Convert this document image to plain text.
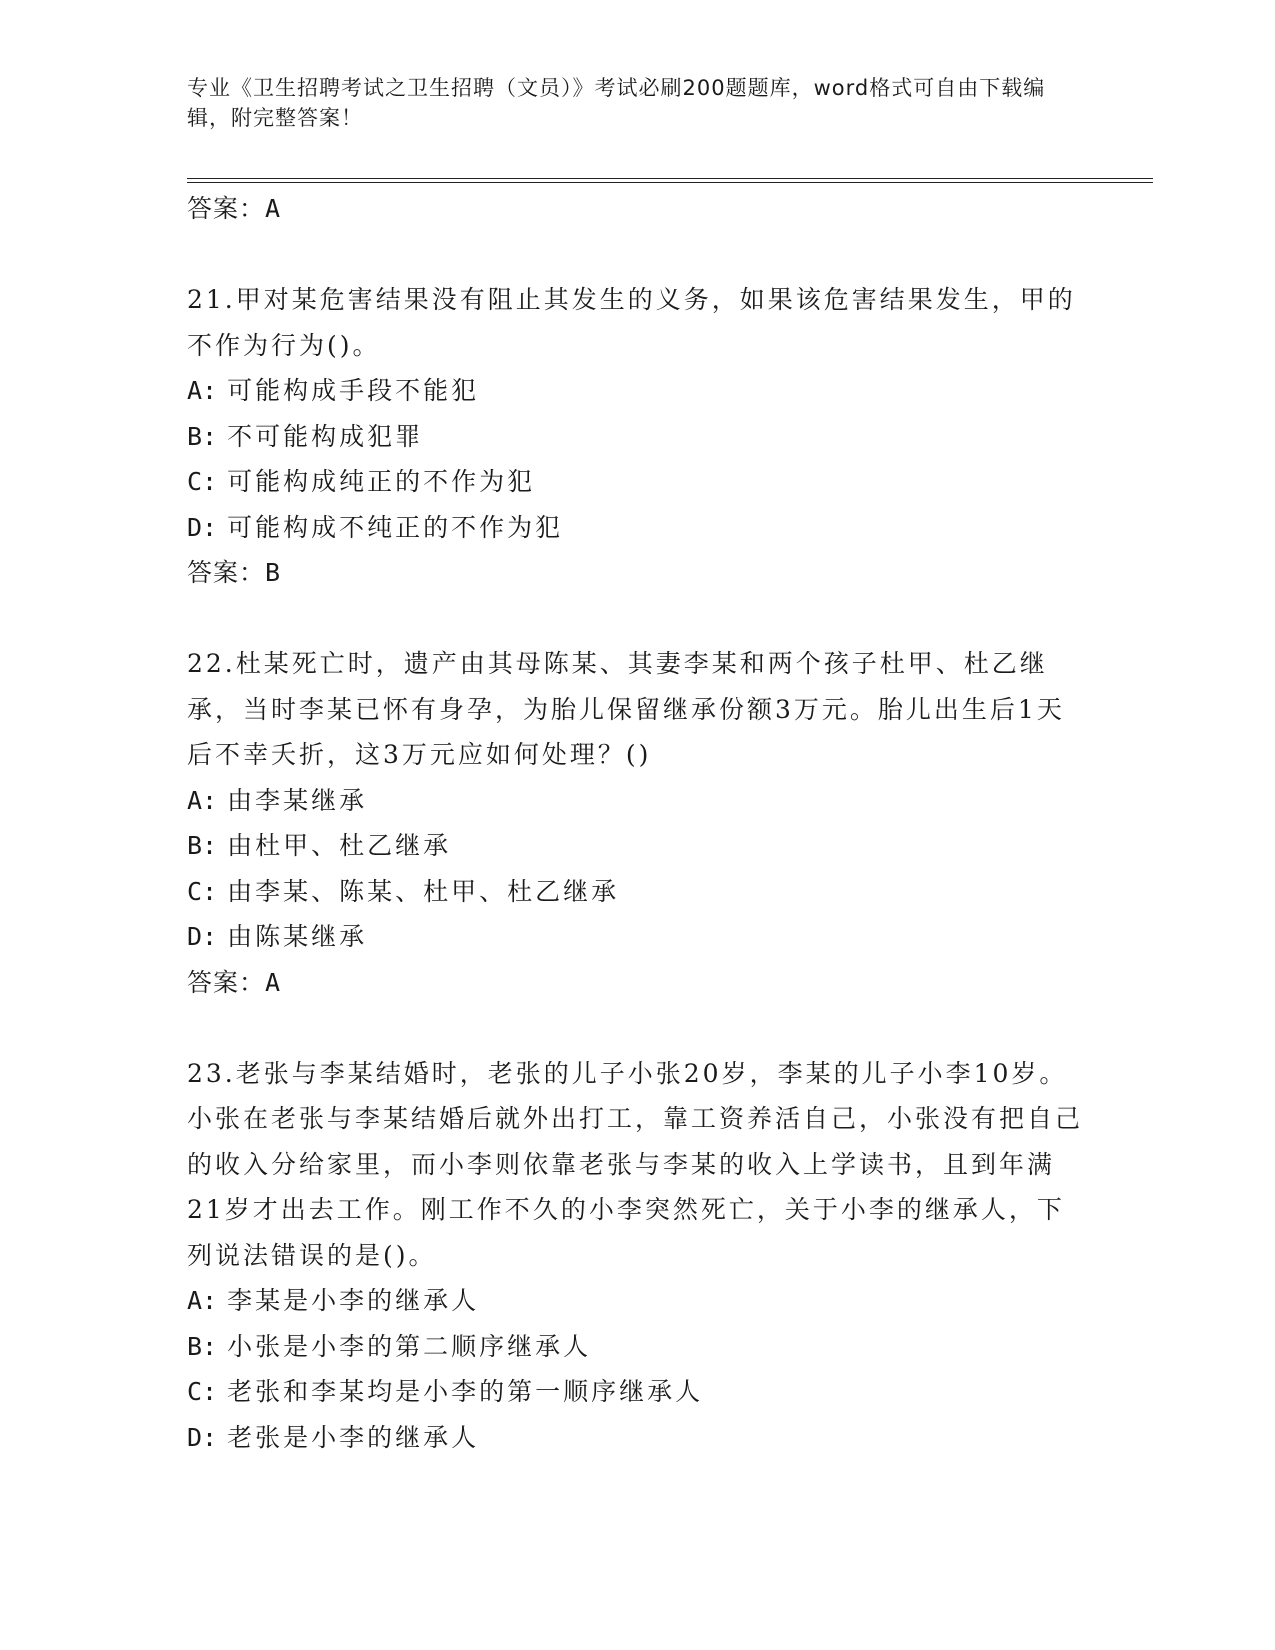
专业《卫生招聘考试之卫生招聘（文员）》考试必刷200题题库，word格式可自由下载编辑，附完整答案！
答案：A
21.甲对某危害结果没有阻止其发生的义务，如果该危害结果发生，甲的不作为行为()。
A: 可能构成手段不能犯
B: 不可能构成犯罪
C: 可能构成纯正的不作为犯
D: 可能构成不纯正的不作为犯
答案：B
22.杜某死亡时，遗产由其母陈某、其妻李某和两个孩子杜甲、杜乙继承，当时李某已怀有身孕，为胎儿保留继承份额3万元。胎儿出生后1天后不幸夭折，这3万元应如何处理？()
A: 由李某继承
B: 由杜甲、杜乙继承
C: 由李某、陈某、杜甲、杜乙继承
D: 由陈某继承
答案：A
23.老张与李某结婚时，老张的儿子小张20岁，李某的儿子小李10岁。小张在老张与李某结婚后就外出打工，靠工资养活自己，小张没有把自己的收入分给家里，而小李则依靠老张与李某的收入上学读书，且到年满21岁才出去工作。刚工作不久的小李突然死亡，关于小李的继承人，下列说法错误的是()。
A: 李某是小李的继承人
B: 小张是小李的第二顺序继承人
C: 老张和李某均是小李的第一顺序继承人
D: 老张是小李的继承人
